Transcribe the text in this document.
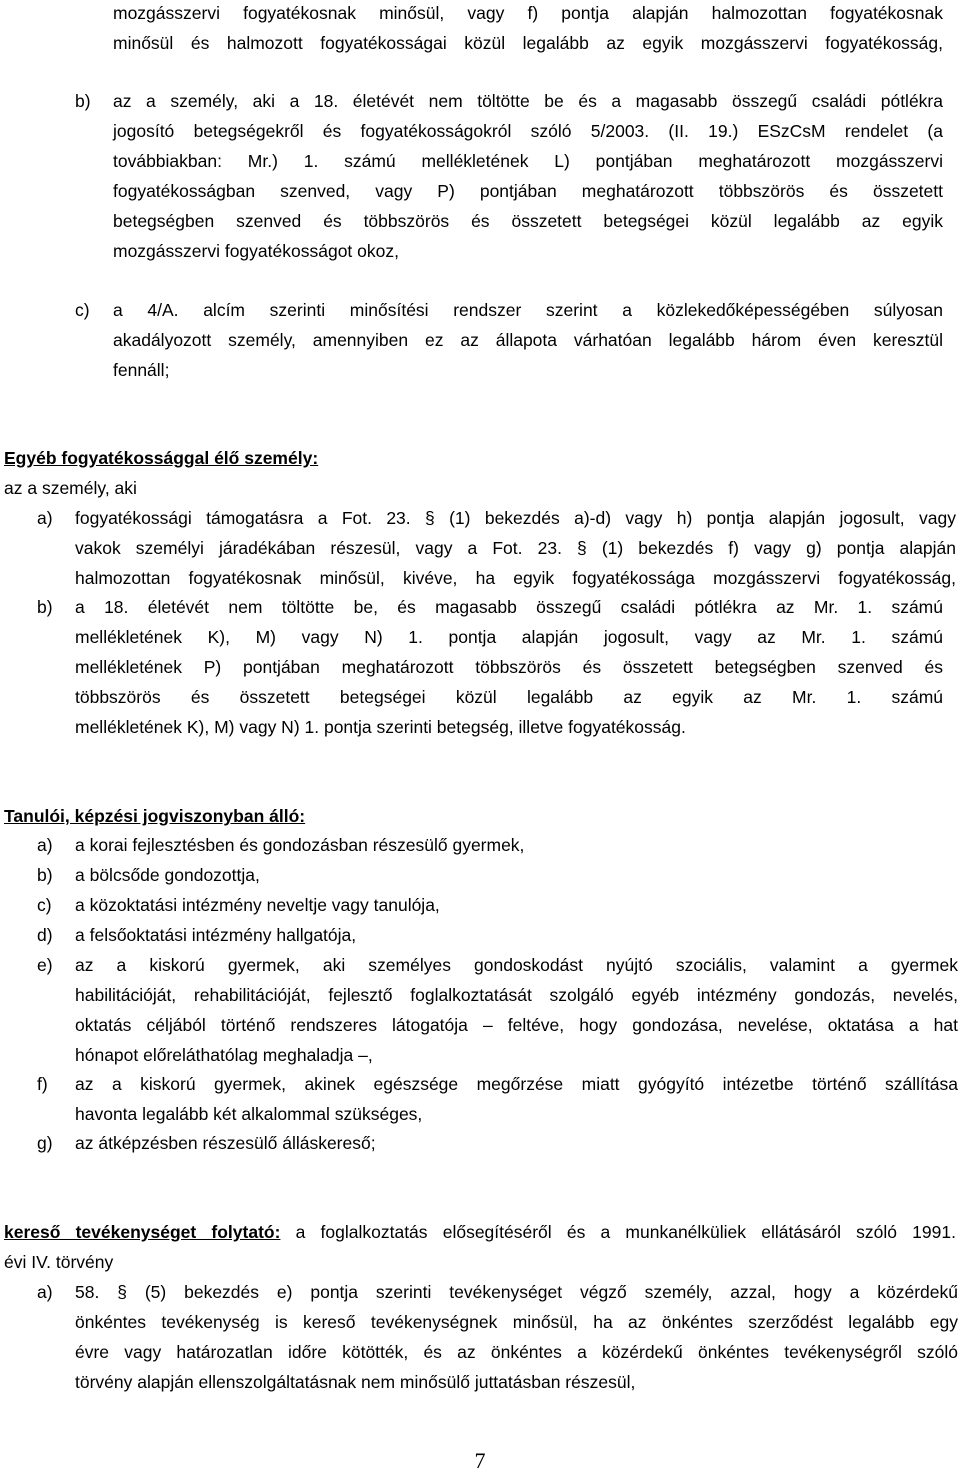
mozgásszervi fogyatékosnak minősül, vagy f) pontja alapján halmozottan fogyatékosnak
minősül és halmozott fogyatékosságai közül legalább az egyik mozgásszervi fogyatékosság,
b)	az a személy, aki a 18. életévét nem töltötte be és a magasabb összegű családi pótlékra
jogosító betegségekről és fogyatékosságokról szóló 5/2003. (II. 19.) ESzCsM rendelet (a
továbbiakban: Mr.) 1. számú mellékletének L) pontjában meghatározott mozgásszervi
fogyatékosságban szenved, vagy P) pontjában meghatározott többszörös és összetett
betegségben szenved és többszörös és összetett betegségei közül legalább az egyik
mozgásszervi fogyatékosságot okoz,
c)	a 4/A. alcím szerinti minősítési rendszer szerint a közlekedőképességében súlyosan
akadályozott személy, amennyiben ez az állapota várhatóan legalább három éven keresztül
fennáll;
Egyéb fogyatékossággal élő személy:
az a személy, aki
a)	fogyatékossági támogatásra a Fot. 23. § (1) bekezdés a)-d) vagy h) pontja alapján jogosult, vagy
vakok személyi járadékában részesül, vagy a Fot. 23. § (1) bekezdés f) vagy g) pontja alapján
halmozottan fogyatékosnak minősül, kivéve, ha egyik fogyatékossága mozgásszervi fogyatékosság,
b)	a 18. életévét nem töltötte be, és magasabb összegű családi pótlékra az Mr. 1. számú
mellékletének K), M) vagy N) 1. pontja alapján jogosult, vagy az Mr. 1. számú
mellékletének P) pontjában meghatározott többszörös és összetett betegségben szenved és
többszörös és összetett betegségei közül legalább az egyik az Mr. 1. számú
mellékletének K), M) vagy N) 1. pontja szerinti betegség, illetve fogyatékosság.
Tanulói, képzési jogviszonyban álló:
a)	a korai fejlesztésben és gondozásban részesülő gyermek,
b)	a bölcsőde gondozottja,
c)	a közoktatási intézmény neveltje vagy tanulója,
d)	a felsőoktatási intézmény hallgatója,
e)	az a kiskorú gyermek, aki személyes gondoskodást nyújtó szociális, valamint a gyermek
habilitációját, rehabilitációját, fejlesztő foglalkoztatását szolgáló egyéb intézmény gondozás, nevelés,
oktatás céljából történő rendszeres látogatója – feltéve, hogy gondozása, nevelése, oktatása a hat
hónapot előreláthatólag meghaladja –,
f)	az a kiskorú gyermek, akinek egészsége megőrzése miatt gyógyító intézetbe történő szállítása
havonta legalább két alkalommal szükséges,
g)	az átképzésben részesülő álláskereső;
kereső tevékenységet folytató: a foglalkoztatás elősegítéséről és a munkanélküliek ellátásáról szóló 1991.
évi IV. törvény
a)	58. § (5) bekezdés e) pontja szerinti tevékenységet végző személy, azzal, hogy a közérdekű
önkéntes tevékenység is kereső tevékenységnek minősül, ha az önkéntes szerződést legalább egy
évre vagy határozatlan időre kötötték, és az önkéntes a közérdekű önkéntes tevékenységről szóló
törvény alapján ellenszolgáltatásnak nem minősülő juttatásban részesül,
7
